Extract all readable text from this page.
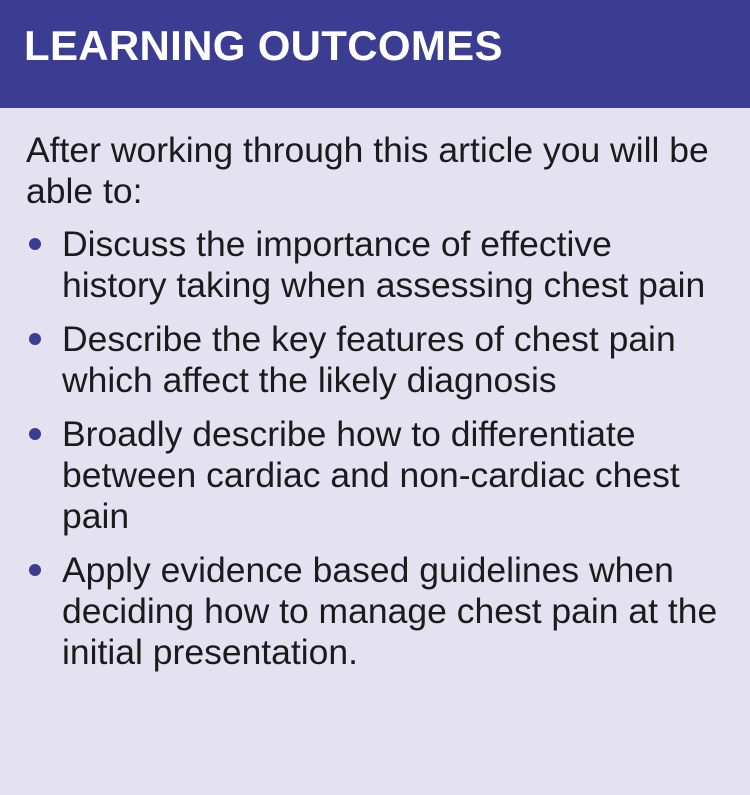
LEARNING OUTCOMES

After working through this article you will be able to:

Discuss the importance of effective history taking when assessing chest pain
Describe the key features of chest pain which affect the likely diagnosis
Broadly describe how to differentiate between cardiac and non-cardiac chest pain
Apply evidence based guidelines when deciding how to manage chest pain at the initial presentation.
